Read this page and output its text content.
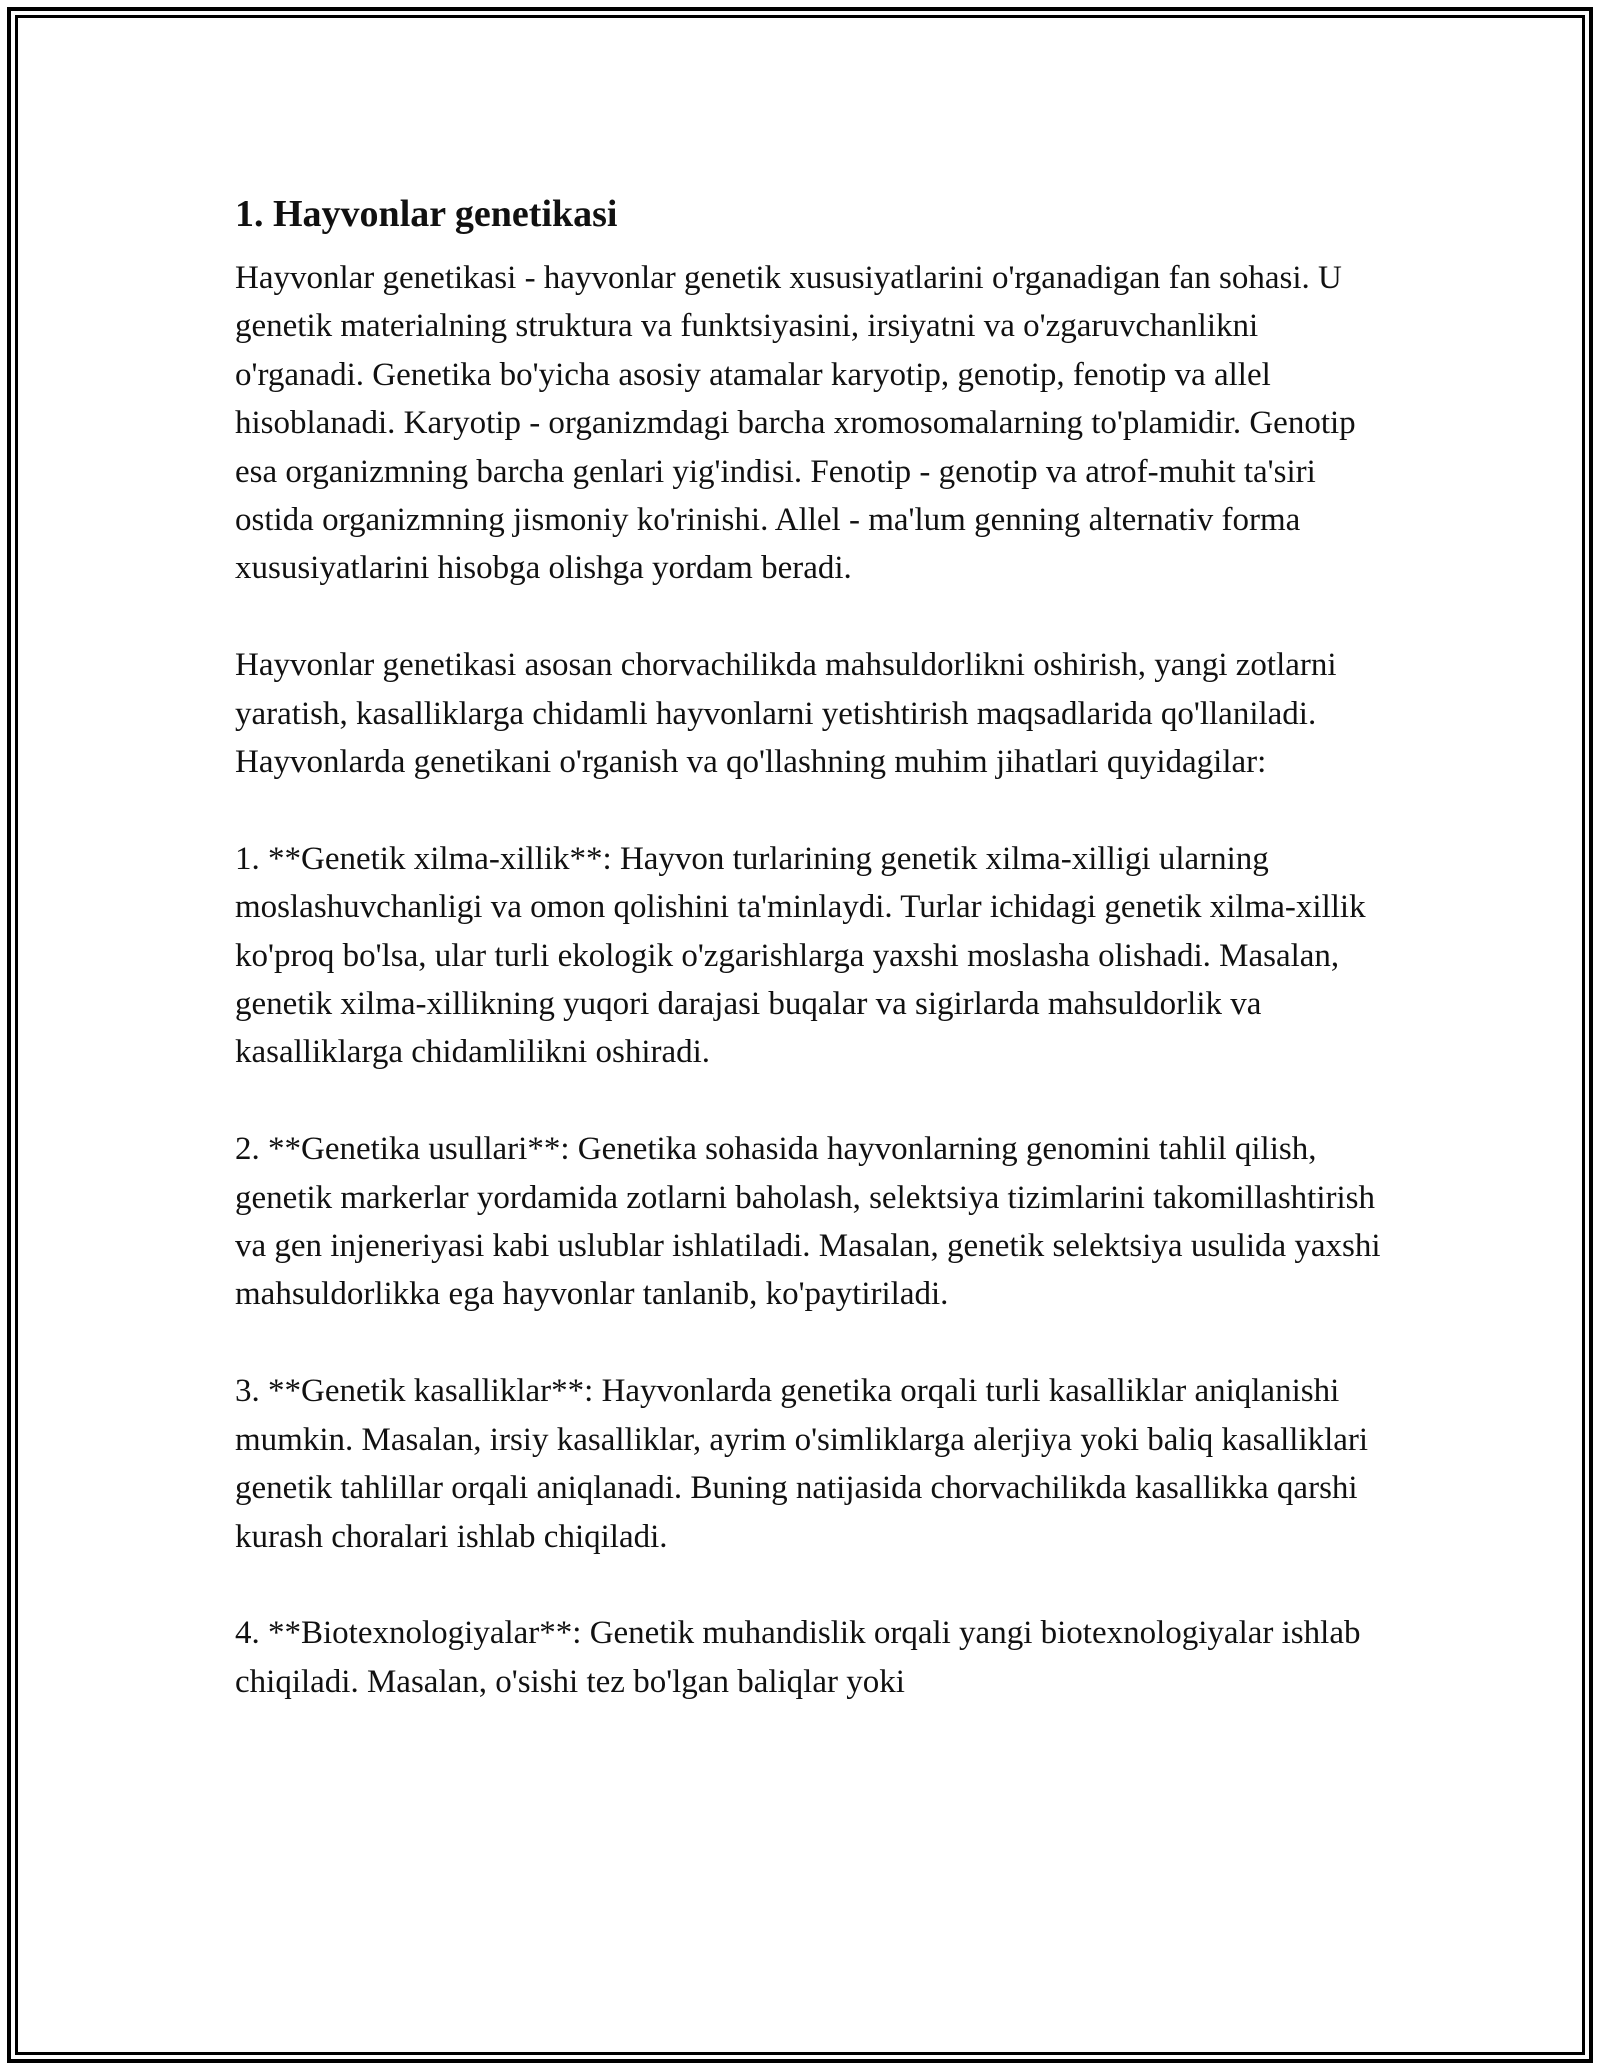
1. Hayvonlar genetikasi

Hayvonlar genetikasi - hayvonlar genetik xususiyatlarini o'rganadigan fan sohasi. U genetik materialning struktura va funktsiyasini, irsiyatni va o'zgaruvchanlikni o'rganadi. Genetika bo'yicha asosiy atamalar karyotip, genotip, fenotip va allel hisoblanadi. Karyotip - organizmdagi barcha xromosomalarning to'plamidir. Genotip esa organizmning barcha genlari yig'indisi. Fenotip - genotip va atrof-muhit ta'siri ostida organizmning jismoniy ko'rinishi. Allel - ma'lum genning alternativ forma xususiyatlarini hisobga olishga yordam beradi.

Hayvonlar genetikasi asosan chorvachilikda mahsuldorlikni oshirish, yangi zotlarni yaratish, kasalliklarga chidamli hayvonlarni yetishtirish maqsadlarida qo'llaniladi. Hayvonlarda genetikani o'rganish va qo'llashning muhim jihatlari quyidagilar:

1. **Genetik xilma-xillik**: Hayvon turlarining genetik xilma-xilligi ularning moslashuvchanligi va omon qolishini ta'minlaydi. Turlar ichidagi genetik xilma-xillik ko'proq bo'lsa, ular turli ekologik o'zgarishlarga yaxshi moslasha olishadi. Masalan, genetik xilma-xillikning yuqori darajasi buqalar va sigirlarda mahsuldorlik va kasalliklarga chidamlilikni oshiradi.

2. **Genetika usullari**: Genetika sohasida hayvonlarning genomini tahlil qilish, genetik markerlar yordamida zotlarni baholash, selektsiya tizimlarini takomillashtirish va gen injeneriyasi kabi uslublar ishlatiladi. Masalan, genetik selektsiya usulida yaxshi mahsuldorlikka ega hayvonlar tanlanib, ko'paytiriladi.

3. **Genetik kasalliklar**: Hayvonlarda genetika orqali turli kasalliklar aniqlanishi mumkin. Masalan, irsiy kasalliklar, ayrim o'simliklarga alerjiya yoki baliq kasalliklari genetik tahlillar orqali aniqlanadi. Buning natijasida chorvachilikda kasallikka qarshi kurash choralari ishlab chiqiladi.

4. **Biotexnologiyalar**: Genetik muhandislik orqali yangi biotexnologiyalar ishlab chiqiladi. Masalan, o'sishi tez bo'lgan baliqlar yoki
